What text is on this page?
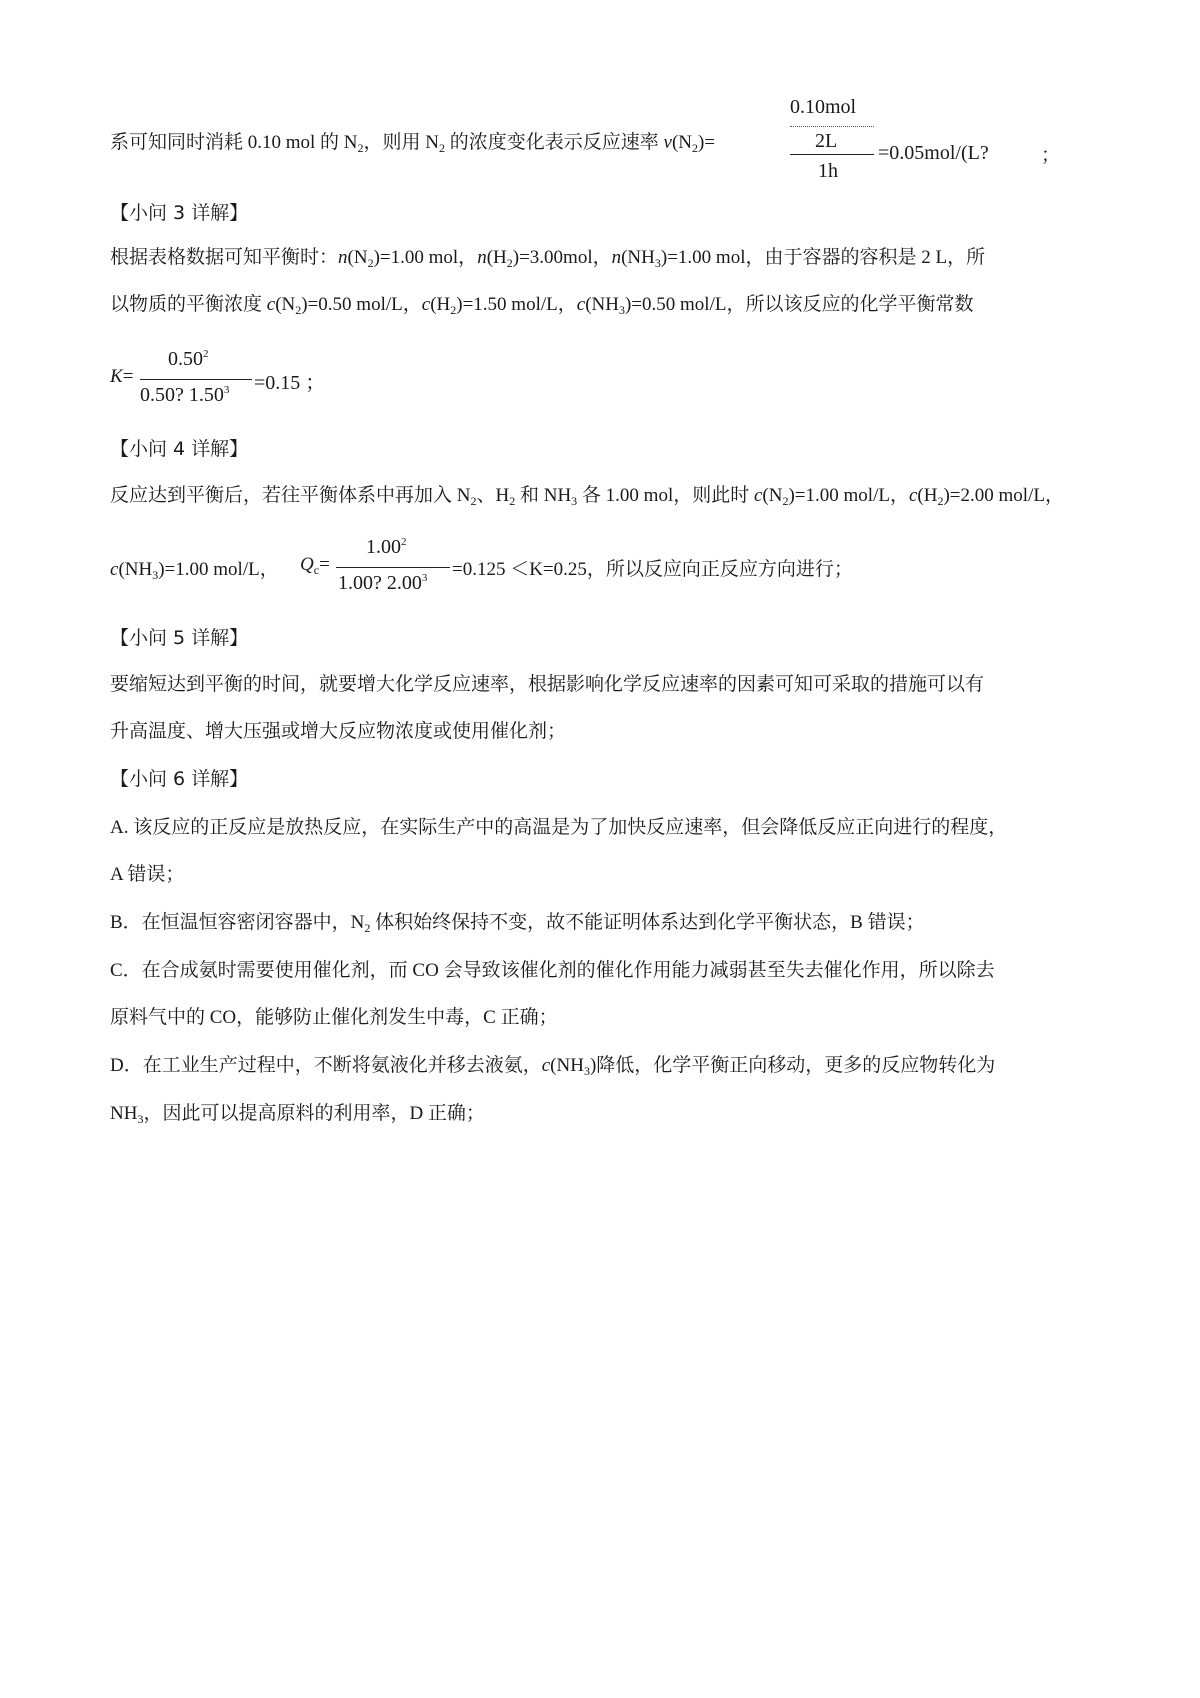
系可知同时消耗 0.10 mol 的 $N_2$，则用 $N_2$ 的浓度变化表示反应速率 $v(N_2)=$
0.10mol
2L
1h
=0.05mol/(L?	；
【小问 3 详解】
根据表格数据可知平衡时：$n(N_2)=1.00$ mol，$n(H_2)=3.00mol$，$n(NH_3)=1.00$ mol，由于容器的容积是 2 L，所
以物质的平衡浓度 $c(N_2)=0.50$ mol/L，$c(H_2)=1.50$ mol/L，$c(NH_3)=0.50$ mol/L，所以该反应的化学平衡常数
K=
$0.50^2$
0.50? $1.50^3 =0.15$ ；
【小问 4 详解】
反应达到平衡后，若往平衡体系中再加入 $N_2$、$H_2$ 和 $NH_3$ 各 1.00 mol，则此时 $c(N_2)=1.00$ mol/L，$c(H_2)=2.00$ mol/L，
$c(NH_3)=1.00$ mol/L， $Q_c=$
$1.00^2$
1.00? $2.00^3 =0.125 <K=0.25$，所以反应向正反应方向进行；
【小问 5 详解】
要缩短达到平衡的时间，就要增大化学反应速率，根据影响化学反应速率的因素可知可采取的措施可以有
升高温度、增大压强或增大反应物浓度或使用催化剂；
【小问 6 详解】
A. 该反应的正反应是放热反应，在实际生产中的高温是为了加快反应速率，但会降低反应正向进行的程度，
A 错误；
B．在恒温恒容密闭容器中，$N_2$ 体积始终保持不变，故不能证明体系达到化学平衡状态，B 错误；
C．在合成氨时需要使用催化剂，而 CO 会导致该催化剂的催化作用能力减弱甚至失去催化作用，所以除去
原料气中的 CO，能够防止催化剂发生中毒，C 正确；
D．在工业生产过程中，不断将氨液化并移去液氨，$c(NH_3)$降低，化学平衡正向移动，更多的反应物转化为
$NH_3$，因此可以提高原料的利用率，D 正确；
